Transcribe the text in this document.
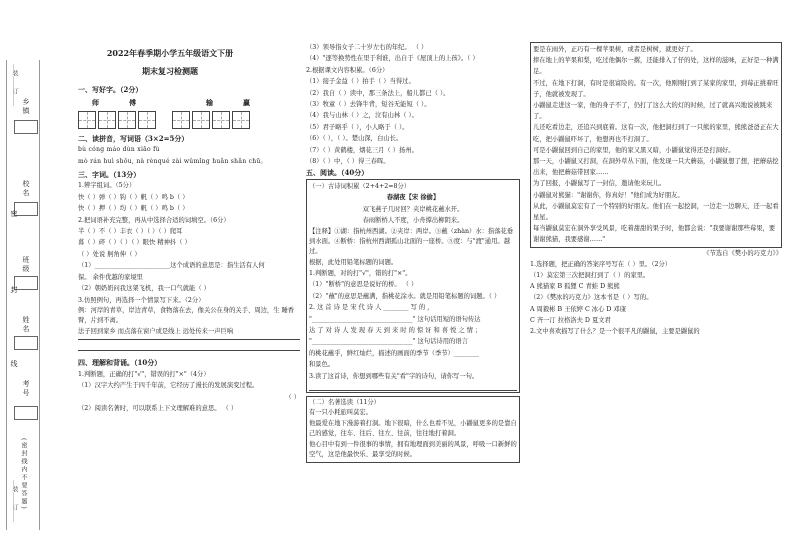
…装……订……
乡镇
校名
密
班级
封
姓名
线
考号
(密封线内不要答题)
…装……订……
2022年春季期小学五年级语文下册
期末复习检测题
一、写好字。（2分）
师	傅	输	赢
二、读拼音，写词语（3×2=5分）
bù cóng máo dùn xiāo fù
mò rán huì shǒu, nà rènqué zài wǔmǐng huǎn shǎn chū。
三、字词。（13分）
1.辨字组词。（5分）
快（ ）弹（ ）钩（ ）帆（ ）鸣 b（ ）
快（ ）押（ ）均（ ）帆（ ）鸣 b（ ）
2.把词语补充完整，再从中选择合适的词填空。（6分）
半（ ）不（ ）丰衣（ ）（ ）（ ）爬耳
暮（ ）碎（ ）（ ）（ ）眼快 精神抖（ ）
（ ）处说 舸角伸（ ）
（1）________________________这个成语的意思是：指生活有人何
保。 余件优越的家境里
（2）朝奶奶问我这架飞机，我一口气就能（ ）
3.仿照例句，再选择一个情景写下来。（2分）
例：河岸的青草，岸边青草，食物落在去，像关公在身的关手、周边，生 睡香臂，片到不离。
法子回到家乡 而点落在窗户或是线上 远处传来一声巨响
四、理解和背诵。（10分）
1.判断题，正确的打"√"，错误的打"×"（4分）
（1）汉字大约产生于四千年前，它经历了漫长的发展演变过程。
（ ）
（2）阅读名著时，可以联系上下文理解难的意思。 （ ）
（3）领导指女子二十岁左右的年纪。 （ ）
（4）"逐等换势性在里于利谁，出自于《屋顶上的上孩》。（ ）
2.根据课文内容积累。（6分）
（1）接子金益（ ）拍手（ ）当得过。
（2）我自（ ）读中，那三条法上，船儿都已（ ）。
（3）牧童（ ）去锋牛背，短谷无能短（ ）。
（4）我与山林（ ）之，泣有山林（ ）。
（5）君子略乎（ ），小人略于（ ）。
（6）（ ），（ ）。楚山深，白山长。
（7）（ ）黄鹤楼，烟花三月（ ）扬州。
（8）（ ）中，（ ）得三春晖。
五、阅读。（40分）
（一）古诗词积累（2+4+2=8分）
春湖夜【宋 徐偷】
双飞燕子几时回？夹岸桃花蘸水开。
春雨断桥人不度，小舟撑出柳阴来。
【注释】①湖：指杭州西湖。②夹岸：两岸。③蘸（zhàn）水：指落花垂到水面。④断桥：指杭州西湖孤山北面的一座桥。⑤度：与"渡"通用。越过。
根据，此处用铅笔标题的词题。
1.判断题，对的打"√"，错的打"×"。
（1）"断桥"的意思是说好的桥。 （ ）
（2）"蘸"的意思是蘸满，指桃花涂水。就是用铅笔标题的词题。（ ）
2. 这 首 诗 是 宋 代 诗 人 ________ 写 的 ，
"________________________________" 这句话用短的语句传达
达 了 对 诗 人 发 现 春 天 到 来 时 的 惊 讶 和 喜 悦 之 情 ；
"________________________________" 这句话诗用的语言
的桃花蘸乎，鲜红灿烂，描述的画面的季节（季节）________
和景色。
3.读了这首诗，你想到哪些有关"看"字的诗句，请你写一句。
（二）名著选读（11分）
有一只小耗旅叫莫宏。
他最爱在地下漫游着打洞。地下很暗，什么也看不见，小鼹鼠更多的是靠自己的感觉，往车、往后、往左、往前，往往地打着洞。
他心目中有到一件很事的事情，拥有地理面到美丽的风景，呼吸一口新鲜的空气，这是他最快乐、最享受的时候。
要是在雨外，正巧有一棵苹果树，或者是树树，就更好了。
摔在地上的苹果和梨，吃过他偶尔一撂，还能排入了仔的处，这样的滋味，正好是一种满足。
不过，在地下打洞，有时是很富险的。有一次，他刚刚打到了某家的家里，到莓正挑着旺子，他就被发现了。
小鼹鼠走进这一家，他的身子不了，仍打了这么大的灯的时候，过了就高兴地说被跳来了。
儿还吃看边走，还追兴到底着。这有一次，他把洞打到了一只熊的家里，熊熊爸爸正在大吃，把小鼹鼠吓坏了，他想再也不打洞了。
可是小鼹鼠回到自己的家里，他的家又黑又暗，小鼹鼠觉得还是打洞好。
那一天，小鼹鼠又打洞，在洞外草丛下面，他发现一只大蘑菇，小鼹鼠想了想，把蘑菇挖出来，他把蘑菇带回家……
为了回报，小鼹鼠写了一封信，邀请他来玩儿。
小鼹鼠对熊猫："谢谢你，你真好！"他们成为好朋友。
从此，小鼹鼠莫宏有了一个特别的好朋友。他们在一起挖洞，一边走一边聊天，还一起看星星。
每当鼹鼠莫宏在洞外享受风景，吃着甜甜的果子时，他都会说："我要谢谢那些莓果，要谢谢熊猫，我要感谢……"
《节选自《樊小的巧克力》》
1.选择题，把正确的答案序号写在（ ）里。（2分）
（1）莫宏第三次把洞打到了（ ）的家里。
A 熊猫家 B 狐狸 C 青蛙 D 熊熊
（2）《樊冰的巧克力》这本书是（ ）写的。
A 周毅彬 B 王依婷 C 冰心 D 邓康
C 齐一汀 拉格洛夫 D 夏文君
2.文中喜欢描写了什么？是一个很平凡的鼹鼠，主要是鼹鼠的
